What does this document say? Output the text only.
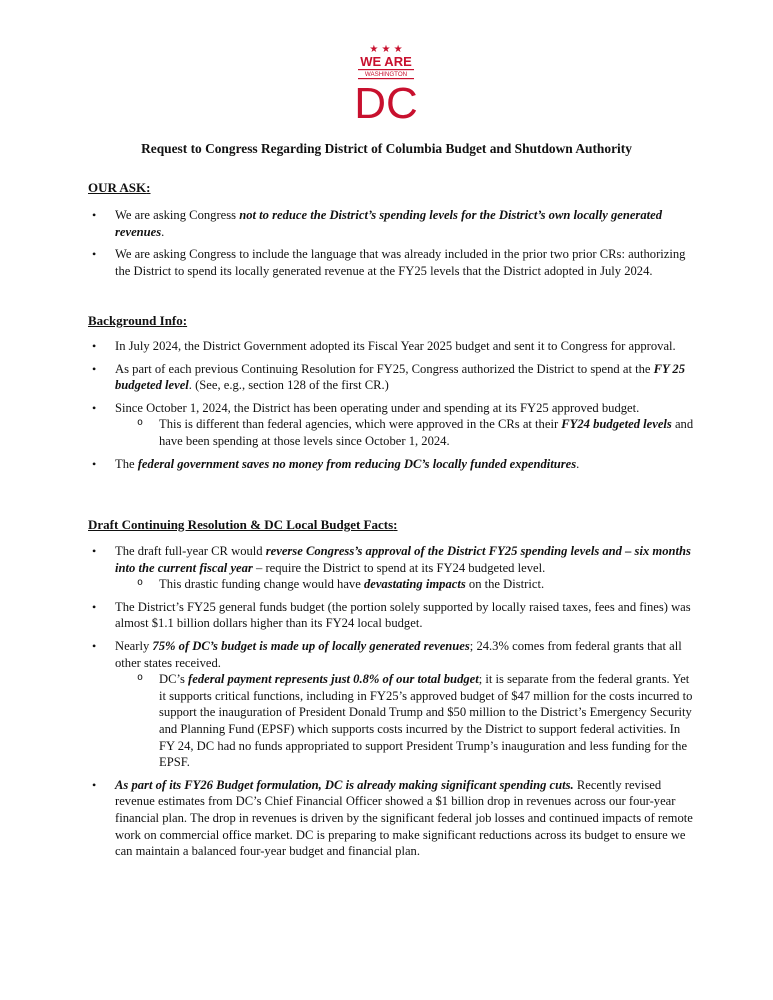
★ ★ ★
WE ARE
WASHINGTON
DC
Request to Congress Regarding District of Columbia Budget and Shutdown Authority

OUR ASK:

• We are asking Congress not to reduce the District’s spending levels for the District’s own locally generated revenues.
• We are asking Congress to include the language that was already included in the prior two prior CRs: authorizing the District to spend its locally generated revenue at the FY25 levels that the District adopted in July 2024.

Background Info:

• In July 2024, the District Government adopted its Fiscal Year 2025 budget and sent it to Congress for approval.
• As part of each previous Continuing Resolution for FY25, Congress authorized the District to spend at the FY 25 budgeted level. (See, e.g., section 128 of the first CR.)
• Since October 1, 2024, the District has been operating under and spending at its FY25 approved budget.
o This is different than federal agencies, which were approved in the CRs at their FY24 budgeted levels and have been spending at those levels since October 1, 2024.
• The federal government saves no money from reducing DC’s locally funded expenditures.

Draft Continuing Resolution & DC Local Budget Facts:

• The draft full-year CR would reverse Congress’s approval of the District FY25 spending levels and – six months into the current fiscal year – require the District to spend at its FY24 budgeted level.
o This drastic funding change would have devastating impacts on the District.
• The District’s FY25 general funds budget (the portion solely supported by locally raised taxes, fees and fines) was almost $1.1 billion dollars higher than its FY24 local budget.
• Nearly 75% of DC’s budget is made up of locally generated revenues; 24.3% comes from federal grants that all other states received.
o DC’s federal payment represents just 0.8% of our total budget; it is separate from the federal grants. Yet it supports critical functions, including in FY25’s approved budget of $47 million for the costs incurred to support the inauguration of President Donald Trump and $50 million to the District’s Emergency Security and Planning Fund (EPSF) which supports costs incurred by the District to support federal activities. In FY 24, DC had no funds appropriated to support President Trump’s inauguration and less funding for the EPSF.
• As part of its FY26 Budget formulation, DC is already making significant spending cuts. Recently revised revenue estimates from DC’s Chief Financial Officer showed a $1 billion drop in revenues across our four-year financial plan. The drop in revenues is driven by the significant federal job losses and continued impacts of remote work on commercial office market. DC is preparing to make significant reductions across its budget to ensure we can maintain a balanced four-year budget and financial plan.
